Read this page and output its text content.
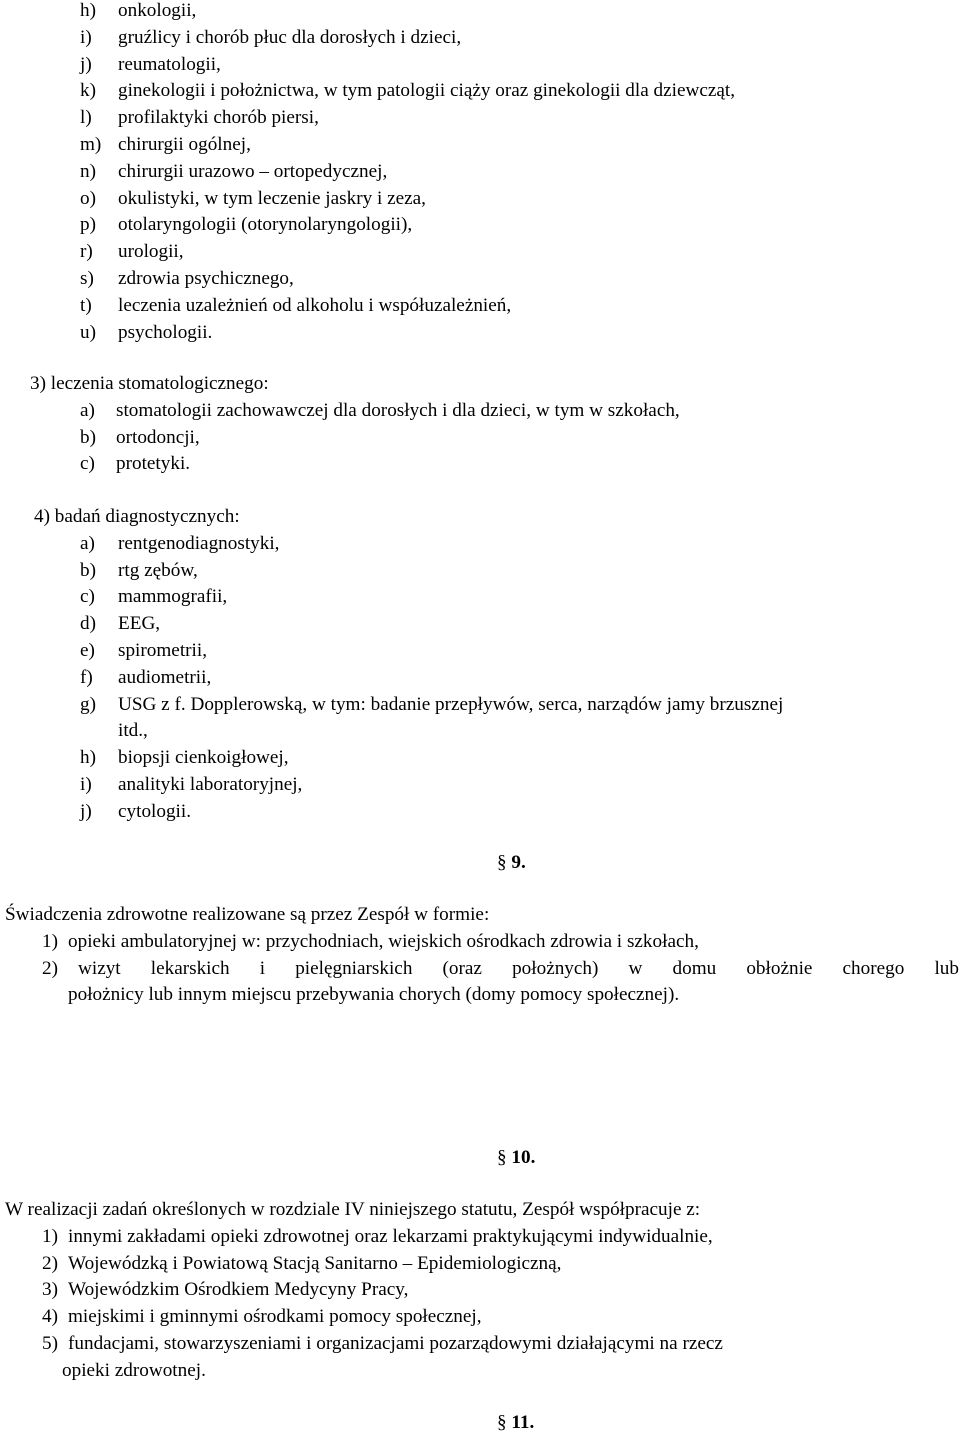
h) onkologii,
i) gruźlicy i chorób płuc dla dorosłych i dzieci,
j) reumatologii,
k) ginekologii i położnictwa, w tym patologii ciąży oraz ginekologii dla dziewcząt,
l) profilaktyki chorób piersi,
m) chirurgii ogólnej,
n) chirurgii urazowo – ortopedycznej,
o) okulistyki, w tym leczenie jaskry i zeza,
p) otolaryngologii (otorynolaryngologii),
r) urologii,
s) zdrowia psychicznego,
t) leczenia uzależnień od alkoholu i współuzależnień,
u) psychologii.
3) leczenia stomatologicznego:
a) stomatologii zachowawczej dla dorosłych i dla dzieci, w tym w szkołach,
b) ortodoncji,
c) protetyki.
4) badań diagnostycznych:
a) rentgenodiagnostyki,
b) rtg zębów,
c) mammografii,
d) EEG,
e) spirometrii,
f) audiometrii,
g) USG z f. Dopplerowską, w tym: badanie przepływów, serca, narządów jamy brzusznej
itd.,
h) biopsji cienkoigłowej,
i) analityki laboratoryjnej,
j) cytologii.
§ 9.
Świadczenia zdrowotne realizowane są przez Zespół w formie:
1) opieki ambulatoryjnej w: przychodniach, wiejskich ośrodkach zdrowia i szkołach,
2) wizyt lekarskich i pielęgniarskich (oraz położnych) w domu obłożnie chorego lub
położnicy lub innym miejscu przebywania chorych (domy pomocy społecznej).
§ 10.
W realizacji zadań określonych w rozdziale IV niniejszego statutu, Zespół współpracuje z:
1) innymi zakładami opieki zdrowotnej oraz lekarzami praktykującymi indywidualnie,
2) Wojewódzką i Powiatową Stacją Sanitarno – Epidemiologiczną,
3) Wojewódzkim Ośrodkiem Medycyny Pracy,
4) miejskimi i gminnymi ośrodkami pomocy społecznej,
5) fundacjami, stowarzyszeniami i organizacjami pozarządowymi działającymi na rzecz
opieki zdrowotnej.
§ 11.
